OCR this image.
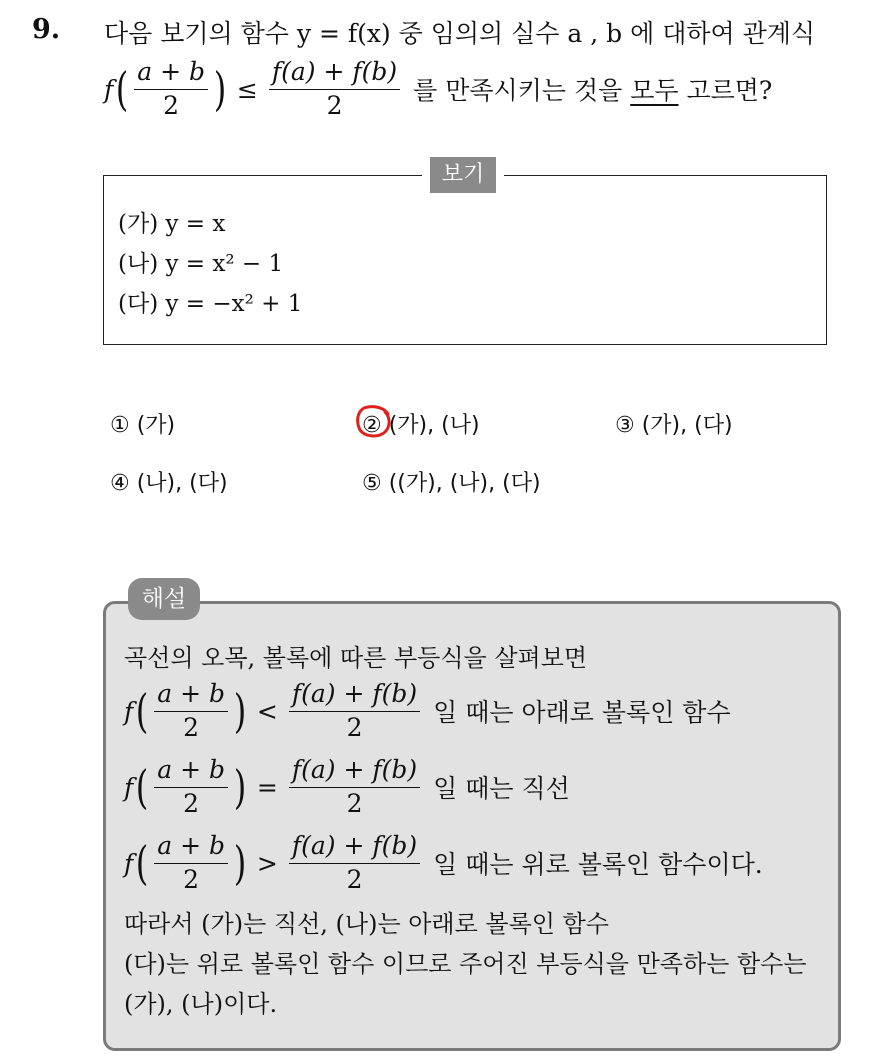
9. 다음 보기의 함수 y = f(x) 중 임의의 실수 a , b 에 대하여 관계식
f ( $\frac{a + b}{2}$ ) ≤ $\frac{f(a) + f(b)}{2}$ 를 만족시키는 것을 모두 고르면?
보기
(가) y = x
(나) y = x² − 1
(다) y = −x² + 1
① (가)	② (가), (나)	③ (가), (다)
④ (나), (다)	⑤ ((가), (나), (다)
해설
곡선의 오목, 볼록에 따른 부등식을 살펴보면
f ( $\frac{a + b}{2}$ ) < $\frac{f(a) + f(b)}{2}$ 일 때는 아래로 볼록인 함수
f ( $\frac{a + b}{2}$ ) = $\frac{f(a) + f(b)}{2}$ 일 때는 직선
f ( $\frac{a + b}{2}$ ) > $\frac{f(a) + f(b)}{2}$ 일 때는 위로 볼록인 함수이다.
따라서 (가)는 직선, (나)는 아래로 볼록인 함수
(다)는 위로 볼록인 함수 이므로 주어진 부등식을 만족하는 함수는
(가), (나)이다.
